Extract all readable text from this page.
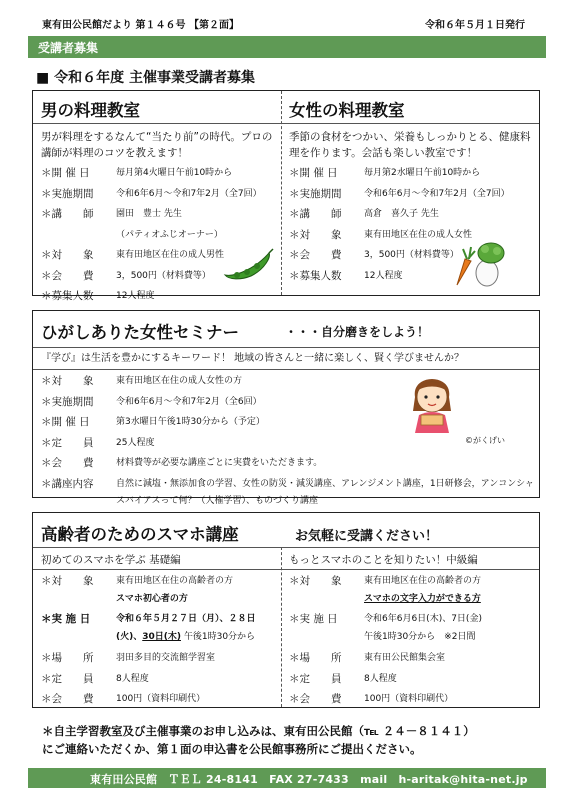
東有田公民館だより 第１４６号 【第２面】	令和６年５月１日発行
受講者募集
■ 令和６年度 主催事業受講者募集
男の料理教室
男が料理をするなんて“当たり前”の時代。プロの講師が料理のコツを教えます！
＊開 催 日	毎月第4火曜日午前10時から
＊実施期間	令和6年6月～令和7年2月（全7回）
＊講　　師	園田　豊士 先生
（パティオふじオーナー）
＊対　　象	東有田地区在住の成人男性
＊会　　費	3，500円（材料費等）
＊募集人数	12人程度
女性の料理教室
季節の食材をつかい、栄養もしっかりとる、健康料理を作ります。会話も楽しい教室です！
＊開 催 日	毎月第2水曜日午前10時から
＊実施期間	令和6年6月～令和7年2月（全7回）
＊講　　師	高倉　喜久子 先生
＊対　　象	東有田地区在住の成人女性
＊会　　費	3，500円（材料費等）
＊募集人数	12人程度
ひがしありた女性セミナー	・・・自分磨きをしよう！
『学び』は生活を豊かにするキーワード！ 地域の皆さんと一緒に楽しく、賢く学びませんか？
＊対　　象	東有田地区在住の成人女性の方
＊実施期間	令和6年6月～令和7年2月（全6回）
＊開 催 日	第3水曜日午後1時30分から（予定）
＊定　　員	25人程度
＊会　　費	材料費等が必要な講座ごとに実費をいただきます。
＊講座内容	自然に減塩・無添加食の学習、女性の防災・減災講座、アレンジメント講座，1日研修会，アンコンシャスバイアスって何？（人権学習）、ものづくり講座
©がくげい
高齢者のためのスマホ講座	お気軽に受講ください！
初めてのスマホを学ぶ 基礎編
＊対　　象	東有田地区在住の高齢者の方
スマホ初心者の方
＊実 施 日	令和６年５月２７日（月）、２８日
(火)、30日(木) 午後1時30分から
＊場　　所	羽田多目的交流館学習室
＊定　　員	8人程度
＊会　　費	100円（資料印刷代）
もっとスマホのことを知りたい！中級編
＊対　　象	東有田地区在住の高齢者の方
スマホの文字入力ができる方
＊実 施 日	令和6年6月6日(木)、7日(金)
午後1時30分から　※2日間
＊場　　所	東有田公民館集会室
＊定　　員	8人程度
＊会　　費	100円（資料印刷代）
＊自主学習教室及び主催事業のお申し込みは、東有田公民館（℡ ２４－８１４１）
にご連絡いただくか、第１面の申込書を公民館事務所にご提出ください。
東有田公民館　ＴＥＬ 24-8141　FAX 27-7433　mail　h-aritak@hita-net.jp
